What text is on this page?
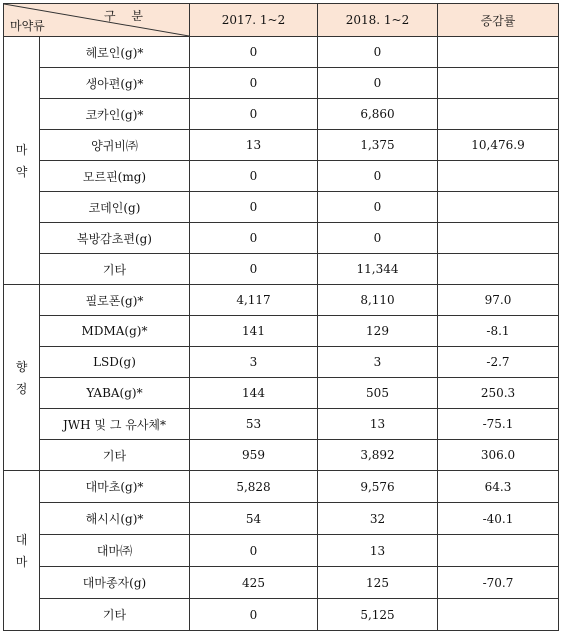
구 분
마약류		2017. 1~2	2018. 1~2	증감률

마
약	헤로인(g)*	0	0	
	생아편(g)*	0	0	
	코카인(g)*	0	6,860	
	양귀비㈜	13	1,375	10,476.9
	모르핀(mg)	0	0	
	코데인(g)	0	0	
	복방감초편(g)	0	0	
	기타	0	11,344	

향
정	필로폰(g)*	4,117	8,110	97.0
	MDMA(g)*	141	129	-8.1
	LSD(g)	3	3	-2.7
	YABA(g)*	144	505	250.3
	JWH 및 그 유사체*	53	13	-75.1
	기타	959	3,892	306.0

대
마	대마초(g)*	5,828	9,576	64.3
	해시시(g)*	54	32	-40.1
	대마㈜	0	13	
	대마종자(g)	425	125	-70.7
	기타	0	5,125	
